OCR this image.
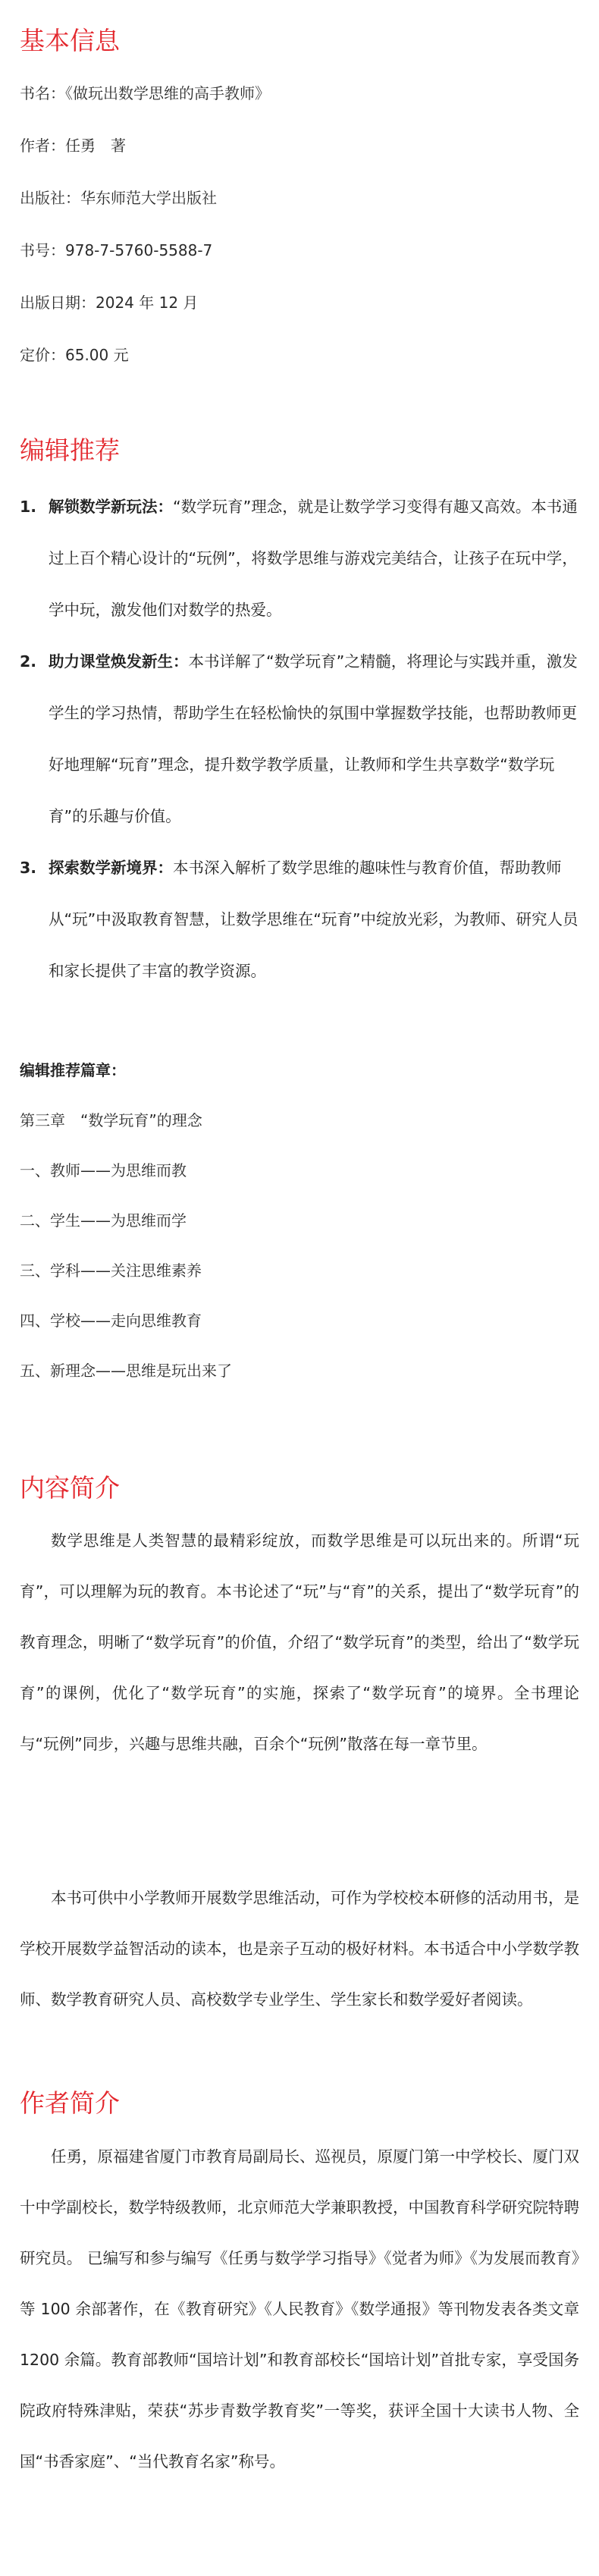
基本信息

书名：《做玩出数学思维的高手教师》

作者：任勇　著

出版社：华东师范大学出版社

书号：978-7-5760-5588-7

出版日期：2024 年 12 月

定价：65.00 元

编辑推荐
1. 解锁数学新玩法：“数学玩育”理念，就是让数学学习变得有趣又高效。本书通过上百个精心设计的“玩例”，将数学思维与游戏完美结合，让孩子在玩中学，学中玩，激发他们对数学的热爱。
2. 助力课堂焕发新生：本书详解了“数学玩育”之精髓，将理论与实践并重，激发学生的学习热情，帮助学生在轻松愉快的氛围中掌握数学技能，也帮助教师更好地理解“玩育”理念，提升数学教学质量，让教师和学生共享数学“数学玩育”的乐趣与价值。
3. 探索数学新境界：本书深入解析了数学思维的趣味性与教育价值，帮助教师从“玩”中汲取教育智慧，让数学思维在“玩育”中绽放光彩，为教师、研究人员和家长提供了丰富的教学资源。

编辑推荐篇章：

第三章　“数学玩育”的理念

一、教师——为思维而教

二、学生——为思维而学

三、学科——关注思维素养

四、学校——走向思维教育

五、新理念——思维是玩出来了

内容简介

数学思维是人类智慧的最精彩绽放，而数学思维是可以玩出来的。所谓“玩育”，可以理解为玩的教育。本书论述了“玩”与“育”的关系，提出了“数学玩育”的教育理念，明晰了“数学玩育”的价值，介绍了“数学玩育”的类型，给出了“数学玩育”的课例，优化了“数学玩育”的实施，探索了“数学玩育”的境界。全书理论与“玩例”同步，兴趣与思维共融，百余个“玩例”散落在每一章节里。

本书可供中小学教师开展数学思维活动，可作为学校校本研修的活动用书，是学校开展数学益智活动的读本，也是亲子互动的极好材料。本书适合中小学数学教师、数学教育研究人员、高校数学专业学生、学生家长和数学爱好者阅读。

作者简介

任勇，原福建省厦门市教育局副局长、巡视员，原厦门第一中学校长、厦门双十中学副校长，数学特级教师，北京师范大学兼职教授，中国教育科学研究院特聘研究员。 已编写和参与编写《任勇与数学学习指导》《觉者为师》《为发展而教育》等 100 余部著作，在《教育研究》《人民教育》《数学通报》等刊物发表各类文章 1200 余篇。教育部教师“国培计划”和教育部校长“国培计划”首批专家，享受国务院政府特殊津贴，荣获“苏步青数学教育奖”一等奖，获评全国十大读书人物、全国“书香家庭”、“当代教育名家”称号。
